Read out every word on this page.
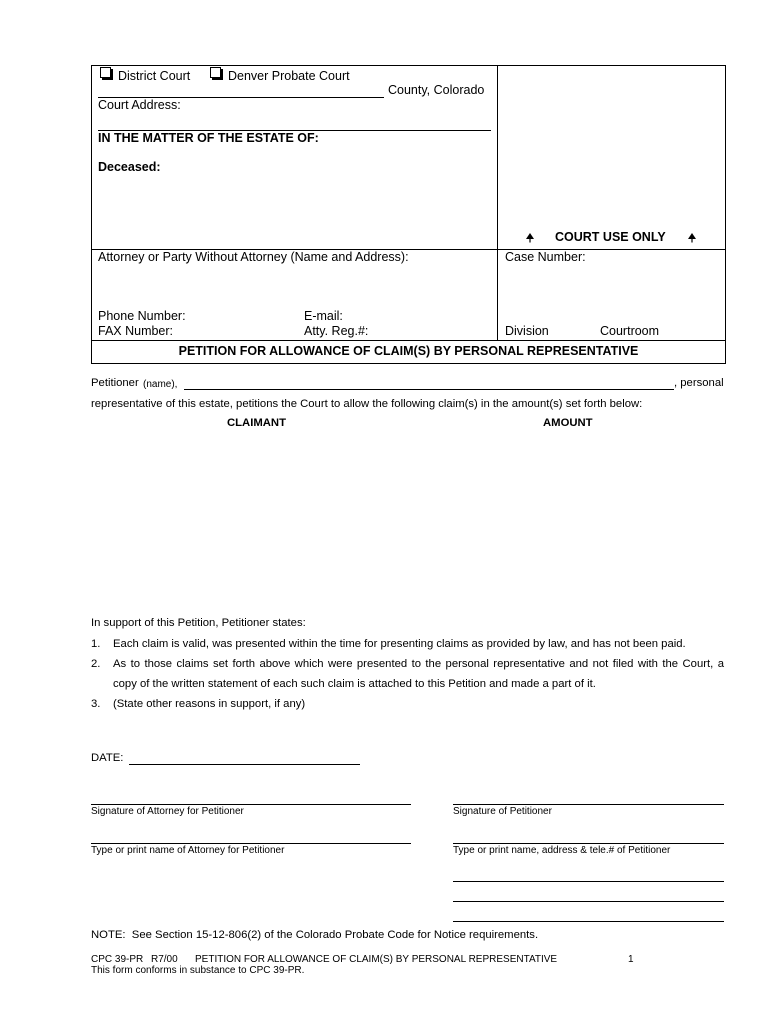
District Court	Denver Probate Court
County, Colorado
Court Address:
IN THE MATTER OF THE ESTATE OF:
Deceased:
COURT USE ONLY
Attorney or Party Without Attorney (Name and Address):	Case Number:
Phone Number:	E-mail:
FAX Number:	Atty. Reg.#:	Division	Courtroom
PETITION FOR ALLOWANCE OF CLAIM(S) BY PERSONAL REPRESENTATIVE
Petitioner (name),	, personal
representative of this estate, petitions the Court to allow the following claim(s) in the amount(s) set forth below:
CLAIMANT	AMOUNT
In support of this Petition, Petitioner states:
1. Each claim is valid, was presented within the time for presenting claims as provided by law, and has not been paid.
2. As to those claims set forth above which were presented to the personal representative and not filed with the Court, a
copy of the written statement of each such claim is attached to this Petition and made a part of it.
3. (State other reasons in support, if any)
DATE:
Signature of Attorney for Petitioner	Signature of Petitioner
Type or print name of Attorney for Petitioner	Type or print name, address & tele.# of Petitioner
NOTE:  See Section 15-12-806(2) of the Colorado Probate Code for Notice requirements.
CPC 39-PR R7/00 PETITION FOR ALLOWANCE OF CLAIM(S) BY PERSONAL REPRESENTATIVE	1
This form conforms in substance to CPC 39-PR.
